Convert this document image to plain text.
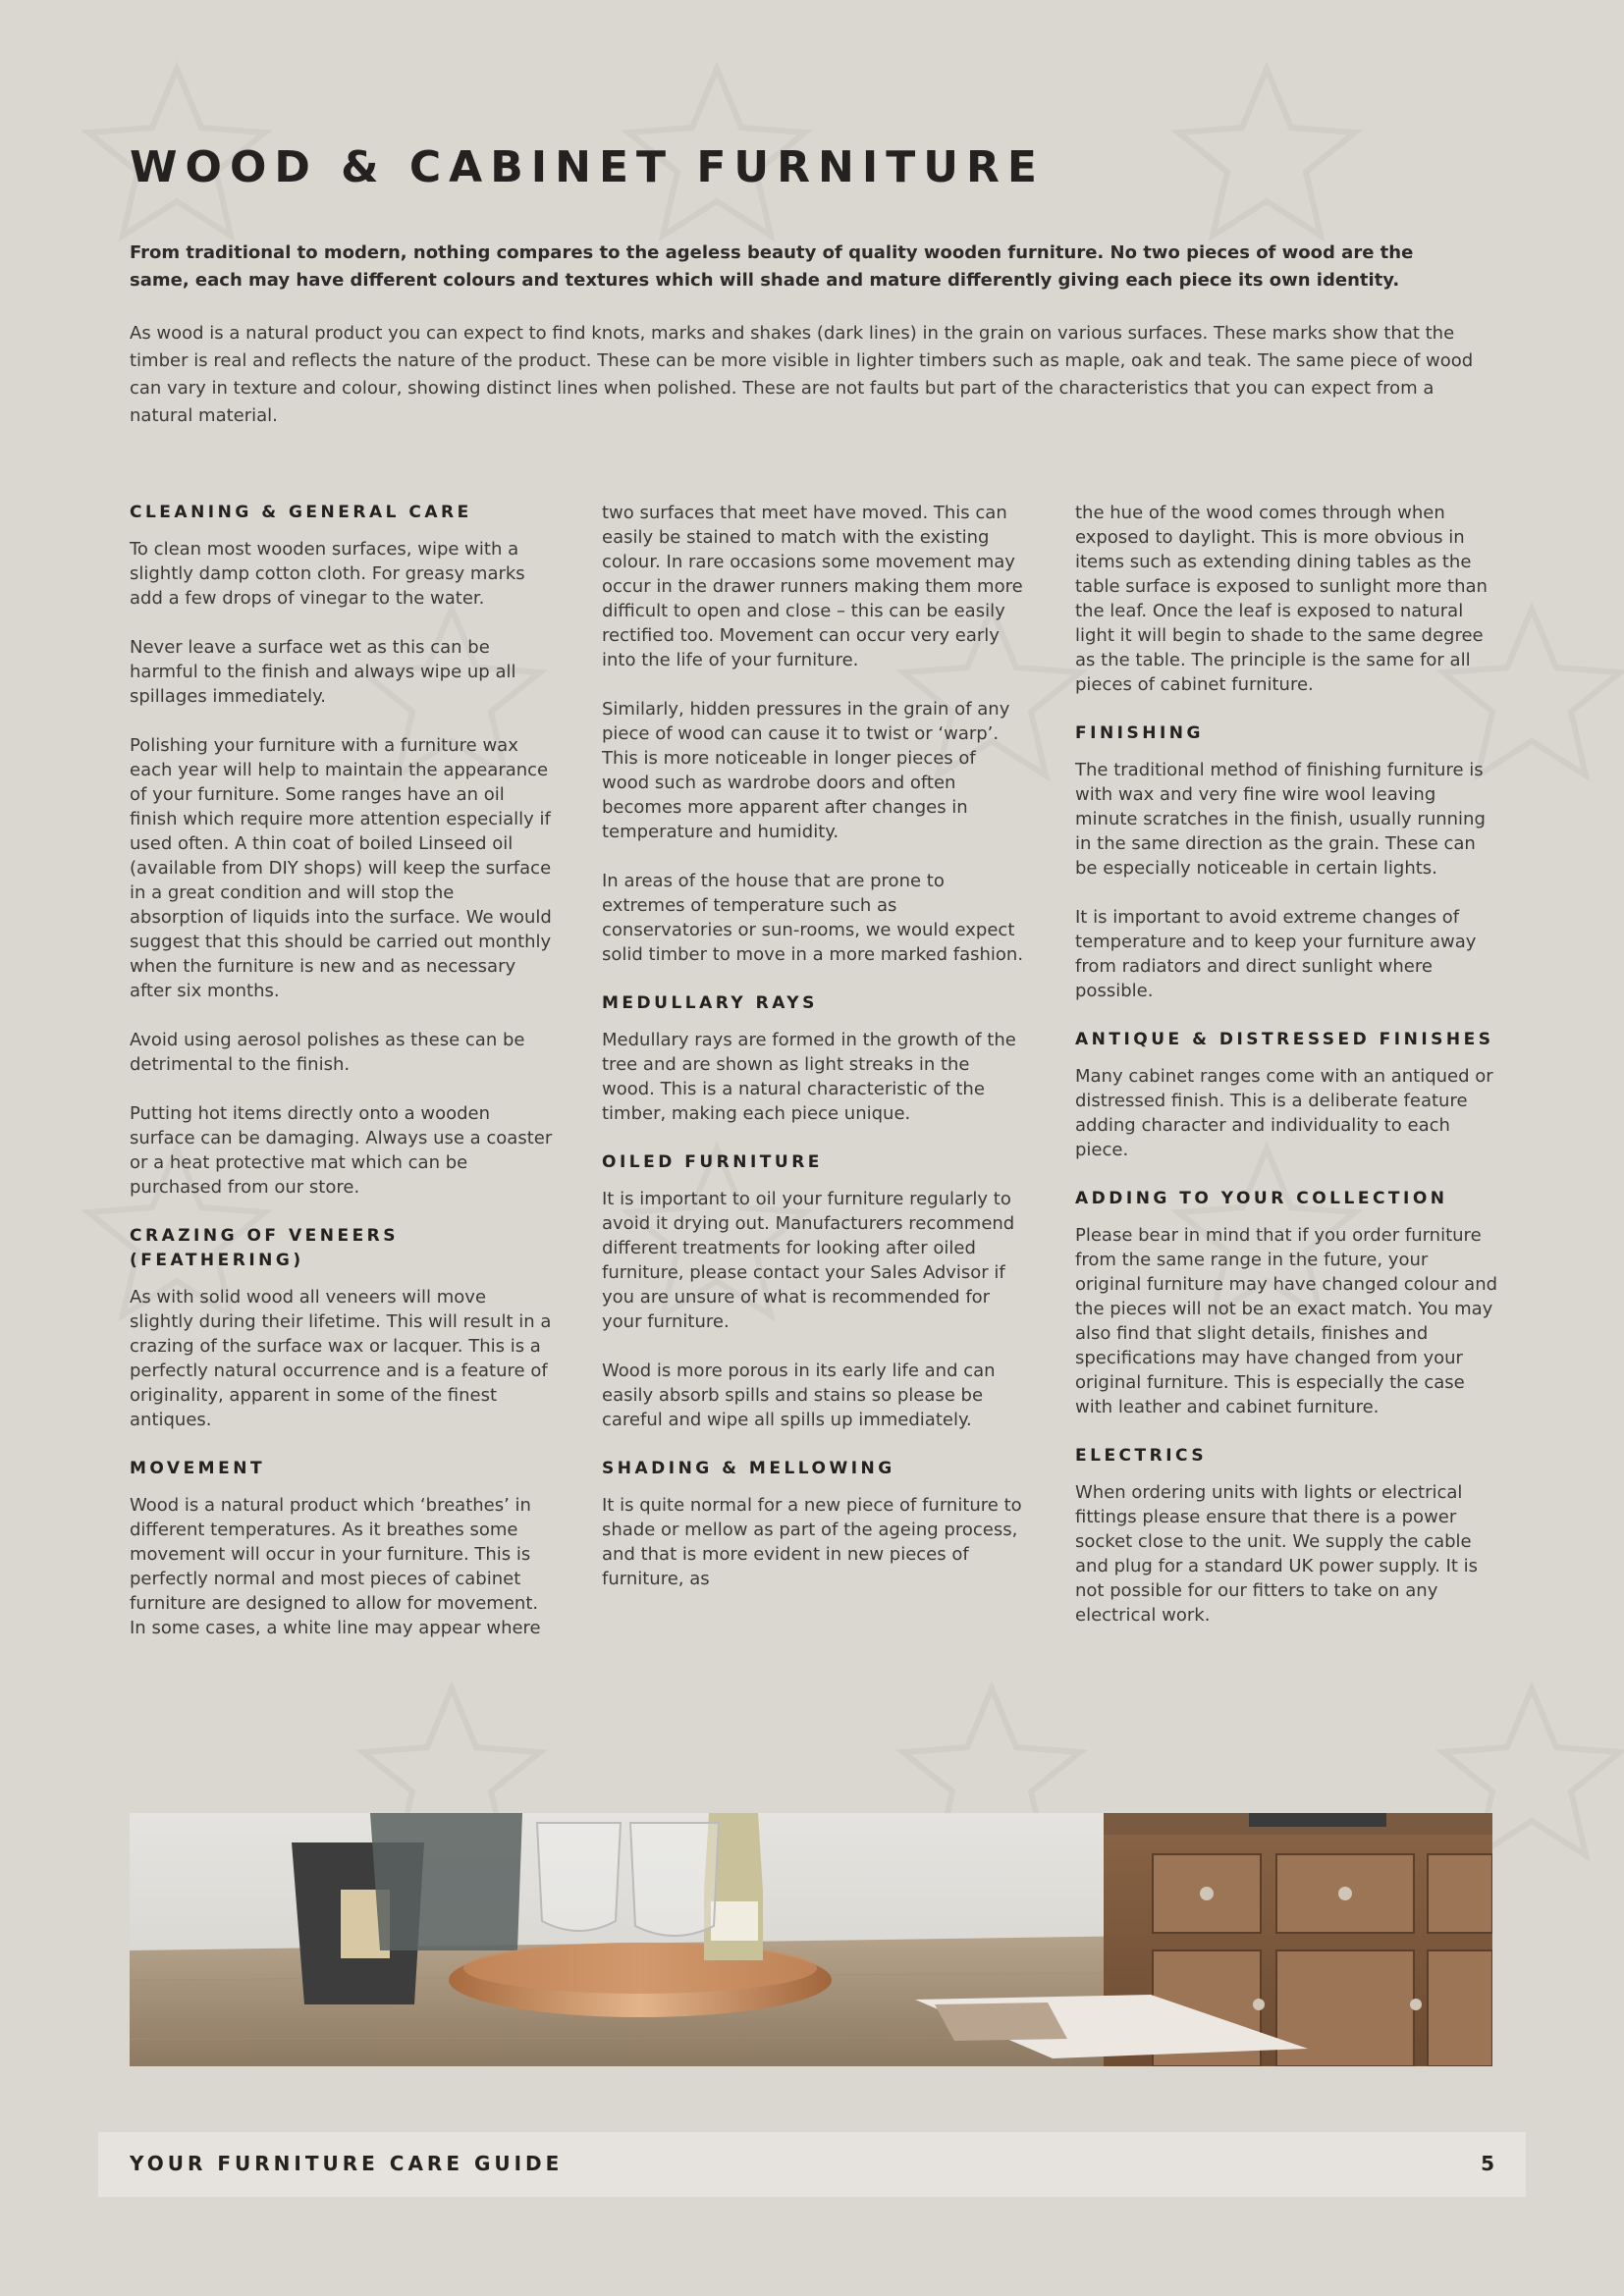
WOOD & CABINET FURNITURE

From traditional to modern, nothing compares to the ageless beauty of quality wooden furniture. No two pieces of wood are the same, each may have different colours and textures which will shade and mature differently giving each piece its own identity.

As wood is a natural product you can expect to find knots, marks and shakes (dark lines) in the grain on various surfaces. These marks show that the timber is real and reflects the nature of the product. These can be more visible in lighter timbers such as maple, oak and teak. The same piece of wood can vary in texture and colour, showing distinct lines when polished. These are not faults but part of the characteristics that you can expect from a natural material.

CLEANING & GENERAL CARE

To clean most wooden surfaces, wipe with a slightly damp cotton cloth. For greasy marks add a few drops of vinegar to the water.

Never leave a surface wet as this can be harmful to the finish and always wipe up all spillages immediately.

Polishing your furniture with a furniture wax each year will help to maintain the appearance of your furniture. Some ranges have an oil finish which require more attention especially if used often. A thin coat of boiled Linseed oil (available from DIY shops) will keep the surface in a great condition and will stop the absorption of liquids into the surface. We would suggest that this should be carried out monthly when the furniture is new and as necessary after six months.

Avoid using aerosol polishes as these can be detrimental to the finish.

Putting hot items directly onto a wooden surface can be damaging. Always use a coaster or a heat protective mat which can be purchased from our store.

CRAZING OF VENEERS (FEATHERING)

As with solid wood all veneers will move slightly during their lifetime. This will result in a crazing of the surface wax or lacquer. This is a perfectly natural occurrence and is a feature of originality, apparent in some of the finest antiques.

MOVEMENT

Wood is a natural product which ‘breathes’ in different temperatures. As it breathes some movement will occur in your furniture. This is perfectly normal and most pieces of cabinet furniture are designed to allow for movement. In some cases, a white line may appear where

two surfaces that meet have moved. This can easily be stained to match with the existing colour. In rare occasions some movement may occur in the drawer runners making them more difficult to open and close – this can be easily rectified too. Movement can occur very early into the life of your furniture.

Similarly, hidden pressures in the grain of any piece of wood can cause it to twist or ‘warp’. This is more noticeable in longer pieces of wood such as wardrobe doors and often becomes more apparent after changes in temperature and humidity.

In areas of the house that are prone to extremes of temperature such as conservatories or sun-rooms, we would expect solid timber to move in a more marked fashion.

MEDULLARY RAYS

Medullary rays are formed in the growth of the tree and are shown as light streaks in the wood. This is a natural characteristic of the timber, making each piece unique.

OILED FURNITURE

It is important to oil your furniture regularly to avoid it drying out. Manufacturers recommend different treatments for looking after oiled furniture, please contact your Sales Advisor if you are unsure of what is recommended for your furniture.

Wood is more porous in its early life and can easily absorb spills and stains so please be careful and wipe all spills up immediately.

SHADING & MELLOWING

It is quite normal for a new piece of furniture to shade or mellow as part of the ageing process, and that is more evident in new pieces of furniture, as

the hue of the wood comes through when exposed to daylight. This is more obvious in items such as extending dining tables as the table surface is exposed to sunlight more than the leaf. Once the leaf is exposed to natural light it will begin to shade to the same degree as the table. The principle is the same for all pieces of cabinet furniture.

FINISHING

The traditional method of finishing furniture is with wax and very fine wire wool leaving minute scratches in the finish, usually running in the same direction as the grain. These can be especially noticeable in certain lights.

It is important to avoid extreme changes of temperature and to keep your furniture away from radiators and direct sunlight where possible.

ANTIQUE & DISTRESSED FINISHES

Many cabinet ranges come with an antiqued or distressed finish. This is a deliberate feature adding character and individuality to each piece.

ADDING TO YOUR COLLECTION

Please bear in mind that if you order furniture from the same range in the future, your original furniture may have changed colour and the pieces will not be an exact match. You may also find that slight details, finishes and specifications may have changed from your original furniture. This is especially the case with leather and cabinet furniture.

ELECTRICS

When ordering units with lights or electrical fittings please ensure that there is a power socket close to the unit. We supply the cable and plug for a standard UK power supply. It is not possible for our fitters to take on any electrical work.

YOUR FURNITURE CARE GUIDE	5
